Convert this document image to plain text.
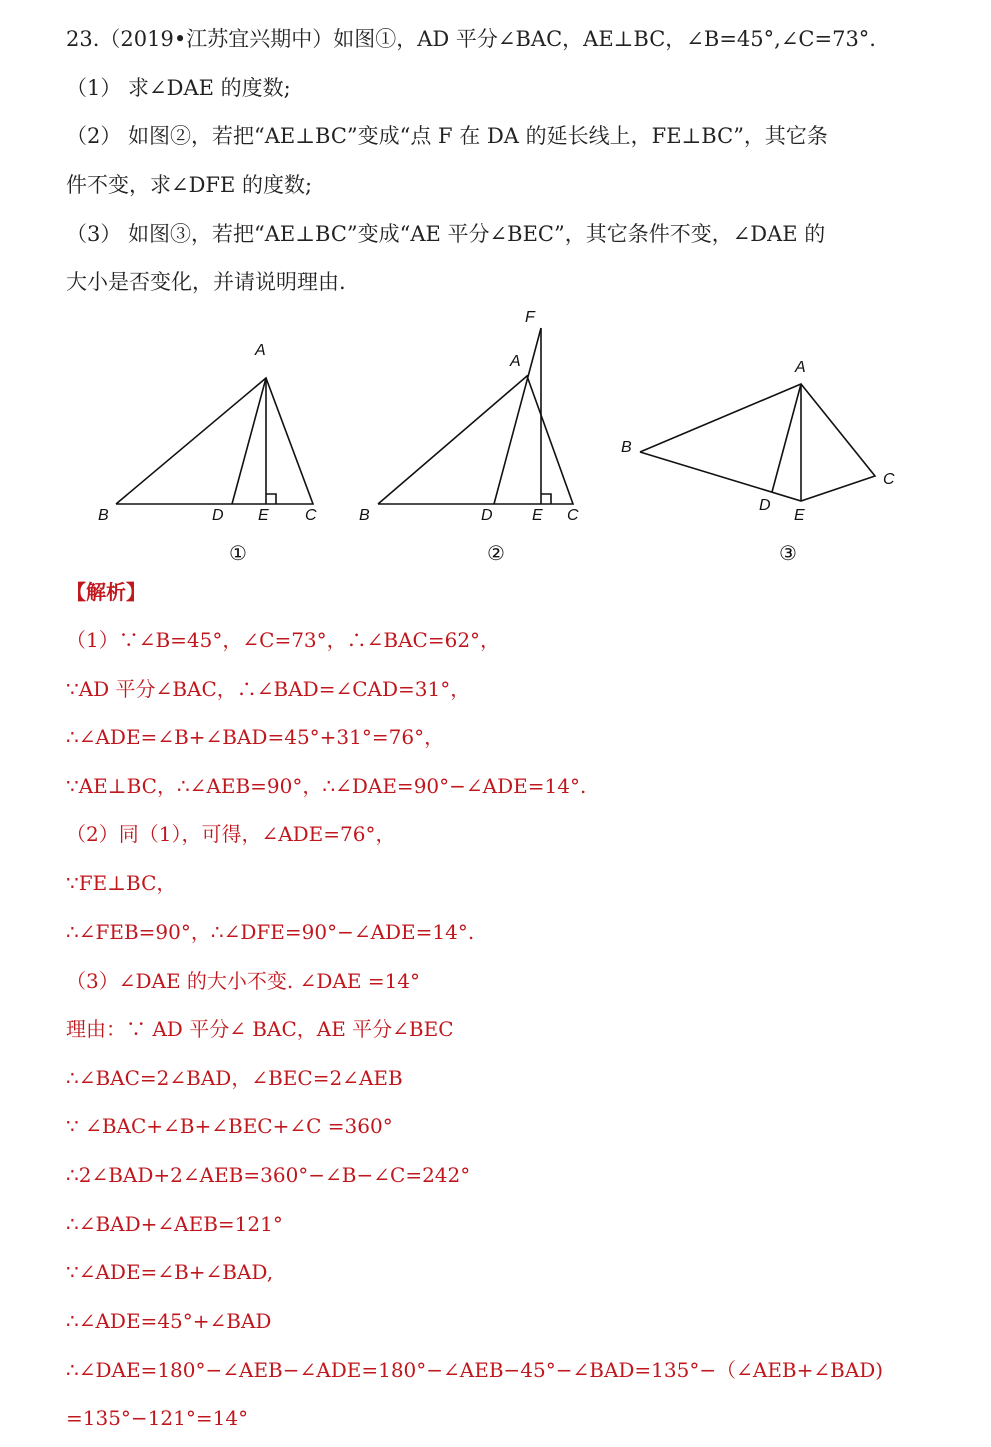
23.（2019•江苏宜兴期中）如图①，AD 平分∠BAC，AE⊥BC，∠B=45°,∠C=73°.
（1） 求∠DAE 的度数;
（2） 如图②，若把“AE⊥BC”变成“点 F 在 DA 的延长线上，FE⊥BC”，其它条
件不变，求∠DFE 的度数;
（3） 如图③，若把“AE⊥BC”变成“AE 平分∠BEC”，其它条件不变，∠DAE 的
大小是否变化，并请说明理由.
A
B	D E C
①
F
A
B	D E C
②
A
B
C
D
E
③
【解析】
（1）∵∠B=45°，∠C=73°，∴∠BAC=62°，
∵AD 平分∠BAC，∴∠BAD=∠CAD=31°，
∴∠ADE=∠B+∠BAD=45°+31°=76°，
∵AE⊥BC，∴∠AEB=90°，∴∠DAE=90°−∠ADE=14°.
（2）同（1），可得，∠ADE=76°，
∵FE⊥BC，
∴∠FEB=90°，∴∠DFE=90°−∠ADE=14°.
（3）∠DAE 的大小不变. ∠DAE =14°
理由：∵ AD 平分∠ BAC，AE 平分∠BEC
∴∠BAC=2∠BAD，∠BEC=2∠AEB
∵ ∠BAC+∠B+∠BEC+∠C =360°
∴2∠BAD+2∠AEB=360°−∠B−∠C=242°
∴∠BAD+∠AEB=121°
∵∠ADE=∠B+∠BAD,
∴∠ADE=45°+∠BAD
∴∠DAE=180°−∠AEB−∠ADE=180°−∠AEB−45°−∠BAD=135°−（∠AEB+∠BAD)
=135°−121°=14°
